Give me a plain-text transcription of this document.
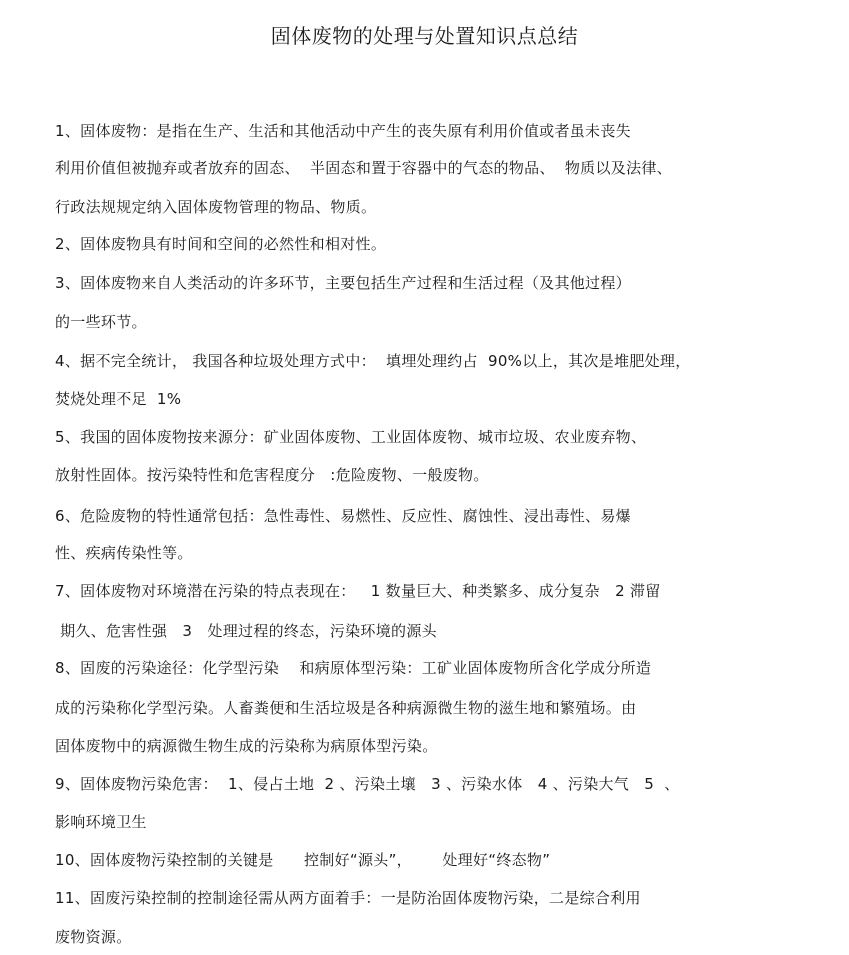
固体废物的处理与处置知识点总结
1、固体废物：是指在生产、生活和其他活动中产生的丧失原有利用价值或者虽未丧失
利用价值但被抛弃或者放弃的固态、  半固态和置于容器中的气态的物品、  物质以及法律、
行政法规规定纳入固体废物管理的物品、物质。
2、固体废物具有时间和空间的必然性和相对性。
3、固体废物来自人类活动的许多环节，主要包括生产过程和生活过程（及其他过程）
的一些环节。
4、据不完全统计， 我国各种垃圾处理方式中：  填埋处理约占  90%以上，其次是堆肥处理，
焚烧处理不足  1%
5、我国的固体废物按来源分：矿业固体废物、工业固体废物、城市垃圾、农业废弃物、
放射性固体。按污染特性和危害程度分   :危险废物、一般废物。
6、危险废物的特性通常包括：急性毒性、易燃性、反应性、腐蚀性、浸出毒性、易爆
性、疾病传染性等。
7、固体废物对环境潜在污染的特点表现在：   1 数量巨大、种类繁多、成分复杂   2 滞留
期久、危害性强   3   处理过程的终态，污染环境的源头
8、固废的污染途径：化学型污染    和病原体型污染：工矿业固体废物所含化学成分所造
成的污染称化学型污染。人畜粪便和生活垃圾是各种病源微生物的滋生地和繁殖场。由
固体废物中的病源微生物生成的污染称为病原体型污染。
9、固体废物污染危害：  1、侵占土地  2 、污染土壤   3 、污染水体   4 、污染大气   5  、
影响环境卫生
10、固体废物污染控制的关键是      控制好“源头”，      处理好“终态物”
11、固废污染控制的控制途径需从两方面着手：一是防治固体废物污染，二是综合利用
废物资源。
